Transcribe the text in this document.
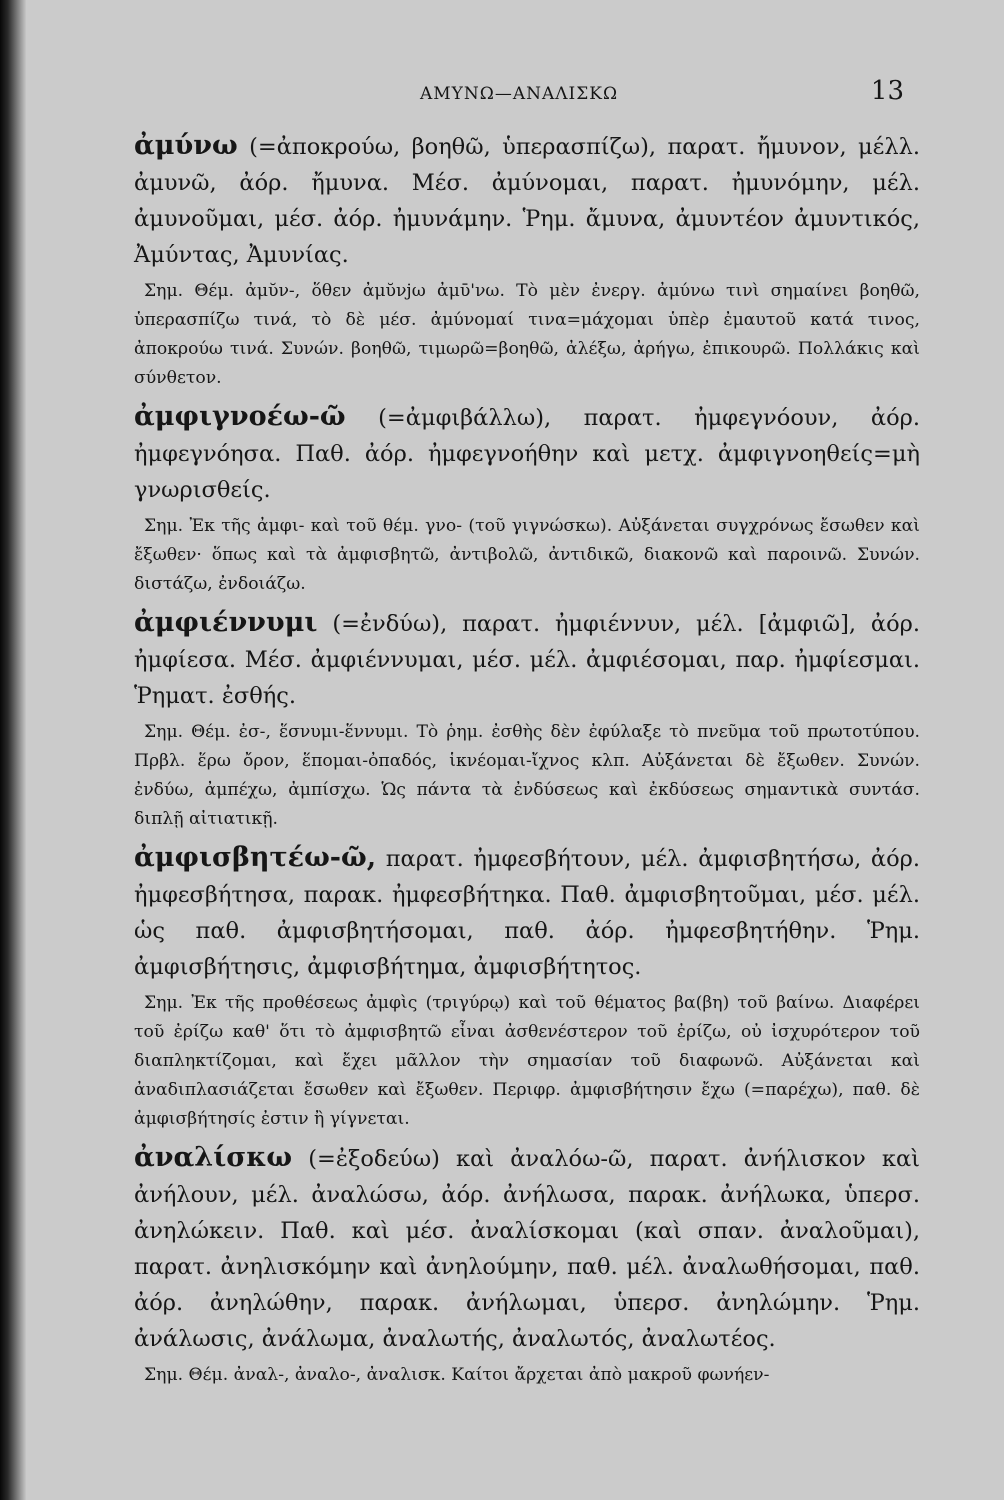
ΑΜΥΝΩ—ΑΝΑΛΙΣΚΩ	13

ἀμύνω (=ἀποκρούω, βοηθῶ, ὑπερασπίζω), παρατ. ἤμυνον, μέλλ. ἀμυνῶ, ἀόρ. ἤμυνα. Μέσ. ἀμύνομαι, παρατ. ἠμυνόμην, μέλ. ἀμυνοῦμαι, μέσ. ἀόρ. ἠμυνάμην. Ῥημ. ἄμυνα, ἀμυντέον ἀμυντικός, Ἀμύντας, Ἀμυνίας.

Σημ. Θέμ. ἀμῠν-, ὅθεν ἀμῠνjω ἀμῡ'νω. Τὸ μὲν ἐνεργ. ἀμύνω τινὶ σημαίνει βοηθῶ, ὑπερασπίζω τινά, τὸ δὲ μέσ. ἀμύνομαί τινα=μάχομαι ὑπὲρ ἐμαυτοῦ κατά τινος, ἀποκρούω τινά. Συνών. βοηθῶ, τιμωρῶ=βοηθῶ, ἀλέξω, ἀρήγω, ἐπικουρῶ. Πολλάκις καὶ σύνθετον.

ἀμφιγνοέω-ῶ (=ἀμφιβάλλω), παρατ. ἠμφεγνόουν, ἀόρ. ἠμφεγνόησα. Παθ. ἀόρ. ἠμφεγνοήθην καὶ μετχ. ἀμφιγνοηθείς=μὴ γνωρισθείς.

Σημ. Ἐκ τῆς ἀμφι- καὶ τοῦ θέμ. γνο- (τοῦ γιγνώσκω). Αὐξάνεται συγχρόνως ἔσωθεν καὶ ἔξωθεν· ὅπως καὶ τὰ ἀμφισβητῶ, ἀντιβολῶ, ἀντιδικῶ, διακονῶ καὶ παροινῶ. Συνών. διστάζω, ἐνδοιάζω.

ἀμφιέννυμι (=ἐνδύω), παρατ. ἠμφιέννυν, μέλ. [ἀμφιῶ], ἀόρ. ἠμφίεσα. Μέσ. ἀμφιέννυμαι, μέσ. μέλ. ἀμφιέσομαι, παρ. ἠμφίεσμαι. Ῥηματ. ἐσθής.

Σημ. Θέμ. ἐσ-, ἕσνυμι-ἕννυμι. Τὸ ῥημ. ἐσθὴς δὲν ἐφύλαξε τὸ πνεῦμα τοῦ πρωτοτύπου. Πρβλ. ἕρω ὄρον, ἕπομαι-ὀπαδός, ἱκνέομαι-ἴχνος κλπ. Αὐξάνεται δὲ ἔξωθεν. Συνών. ἐνδύω, ἀμπέχω, ἀμπίσχω. Ὡς πάντα τὰ ἐνδύσεως καὶ ἐκδύσεως σημαντικὰ συντάσ. διπλῇ αἰτιατικῇ.

ἀμφισβητέω-ῶ, παρατ. ἠμφεσβήτουν, μέλ. ἀμφισβητήσω, ἀόρ. ἠμφεσβήτησα, παρακ. ἠμφεσβήτηκα. Παθ. ἀμφισβητοῦμαι, μέσ. μέλ. ὡς παθ. ἀμφισβητήσομαι, παθ. ἀόρ. ἠμφεσβητήθην. Ῥημ. ἀμφισβήτησις, ἀμφισβήτημα, ἀμφισβήτητος.

Σημ. Ἐκ τῆς προθέσεως ἀμφὶς (τριγύρῳ) καὶ τοῦ θέματος βα(βη) τοῦ βαίνω. Διαφέρει τοῦ ἐρίζω καθ' ὅτι τὸ ἀμφισβητῶ εἶναι ἀσθενέστερον τοῦ ἐρίζω, οὐ ἰσχυρότερον τοῦ διαπληκτίζομαι, καὶ ἔχει μᾶλλον τὴν σημασίαν τοῦ διαφωνῶ. Αὐξάνεται καὶ ἀναδιπλασιάζεται ἔσωθεν καὶ ἔξωθεν. Περιφρ. ἀμφισβήτησιν ἔχω (=παρέχω), παθ. δὲ ἀμφισβήτησίς ἐστιν ἢ γίγνεται.

ἀναλίσκω (=ἐξοδεύω) καὶ ἀναλόω-ῶ, παρατ. ἀνήλισκον καὶ ἀνήλουν, μέλ. ἀναλώσω, ἀόρ. ἀνήλωσα, παρακ. ἀνήλωκα, ὑπερσ. ἀνηλώκειν. Παθ. καὶ μέσ. ἀναλίσκομαι (καὶ σπαν. ἀναλοῦμαι), παρατ. ἀνηλισκόμην καὶ ἀνηλούμην, παθ. μέλ. ἀναλωθήσομαι, παθ. ἀόρ. ἀνηλώθην, παρακ. ἀνήλωμαι, ὑπερσ. ἀνηλώμην. Ῥημ. ἀνάλωσις, ἀνάλωμα, ἀναλωτής, ἀναλωτός, ἀναλωτέος.

Σημ. Θέμ. ἀναλ-, ἀναλο-, ἀναλισκ. Καίτοι ἄρχεται ἀπὸ μακροῦ φωνήεν-
